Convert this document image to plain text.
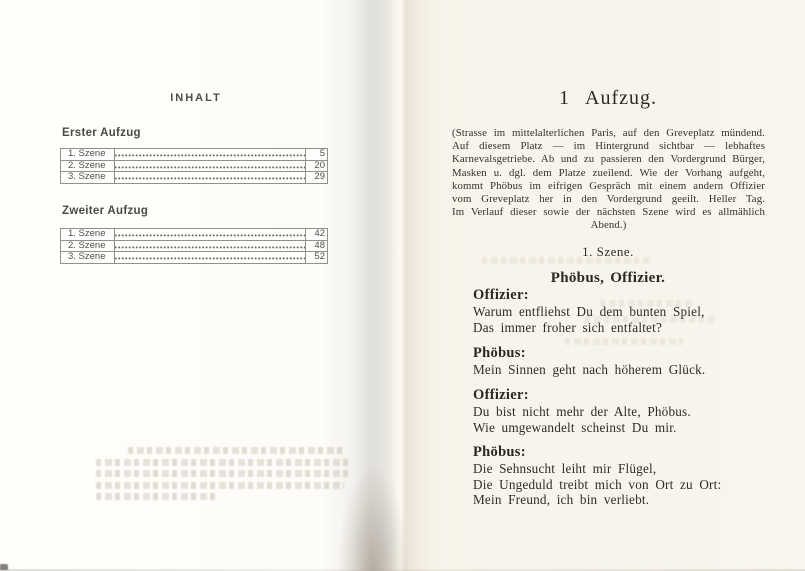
INHALT
Erster Aufzug
1. Szene	5
2. Szene	20
3. Szene	29
Zweiter Aufzug
1. Szene	42
2. Szene	48
3. Szene	52
1 Aufzug.
(Strasse im mittelalterlichen Paris, auf den Greveplatz mündend.
Auf diesem Platz — im Hintergrund sichtbar — lebhaftes
Karnevalsgetriebe. Ab und zu passieren den Vordergrund Bürger,
Masken u. dgl. dem Platze zueilend. Wie der Vorhang aufgeht,
kommt Phöbus im eifrigen Gespräch mit einem andern Offizier
vom Greveplatz her in den Vordergrund geeilt. Heller Tag.
Im Verlauf dieser sowie der nächsten Szene wird es allmählich
Abend.)
1. Szene.
Phöbus, Offizier.
Offizier:
Warum entfliehst Du dem bunten Spiel,
Das immer froher sich entfaltet?
Phöbus:
Mein Sinnen geht nach höherem Glück.
Offizier:
Du bist nicht mehr der Alte, Phöbus.
Wie umgewandelt scheinst Du mir.
Phöbus:
Die Sehnsucht leiht mir Flügel,
Die Ungeduld treibt mich von Ort zu Ort:
Mein Freund, ich bin verliebt.
